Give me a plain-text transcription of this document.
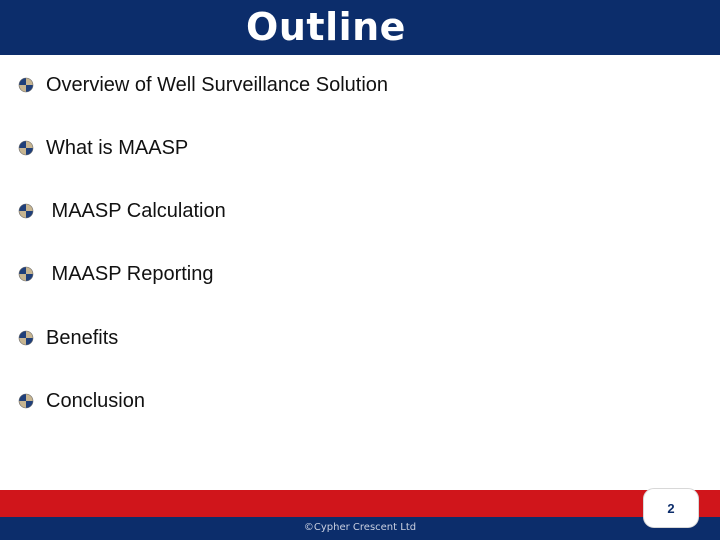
Outline
Overview of Well Surveillance Solution
What is MAASP
MAASP Calculation
MAASP Reporting
Benefits
Conclusion
©Cypher Crescent Ltd
2
